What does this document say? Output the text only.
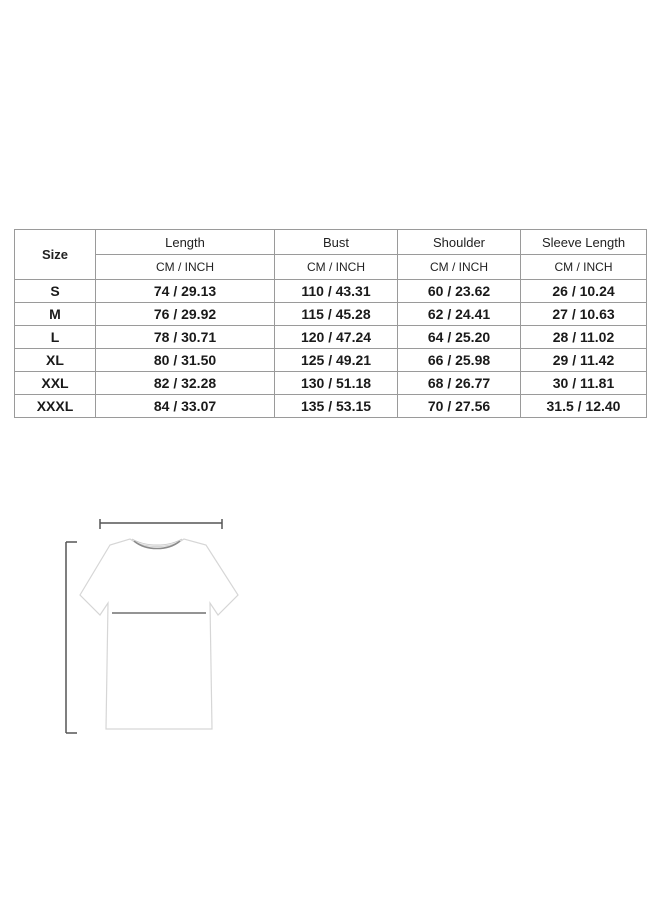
Size	Length	Bust	Shoulder	Sleeve Length
	CM / INCH	CM / INCH	CM / INCH	CM / INCH
S	74 / 29.13	110 / 43.31	60 / 23.62	26 / 10.24
M	76 / 29.92	115 / 45.28	62 / 24.41	27 / 10.63
L	78 / 30.71	120 / 47.24	64 / 25.20	28 / 11.02
XL	80 / 31.50	125 / 49.21	66 / 25.98	29 / 11.42
XXL	82 / 32.28	130 / 51.18	68 / 26.77	30 / 11.81
XXXL	84 / 33.07	135 / 53.15	70 / 27.56	31.5 / 12.40
